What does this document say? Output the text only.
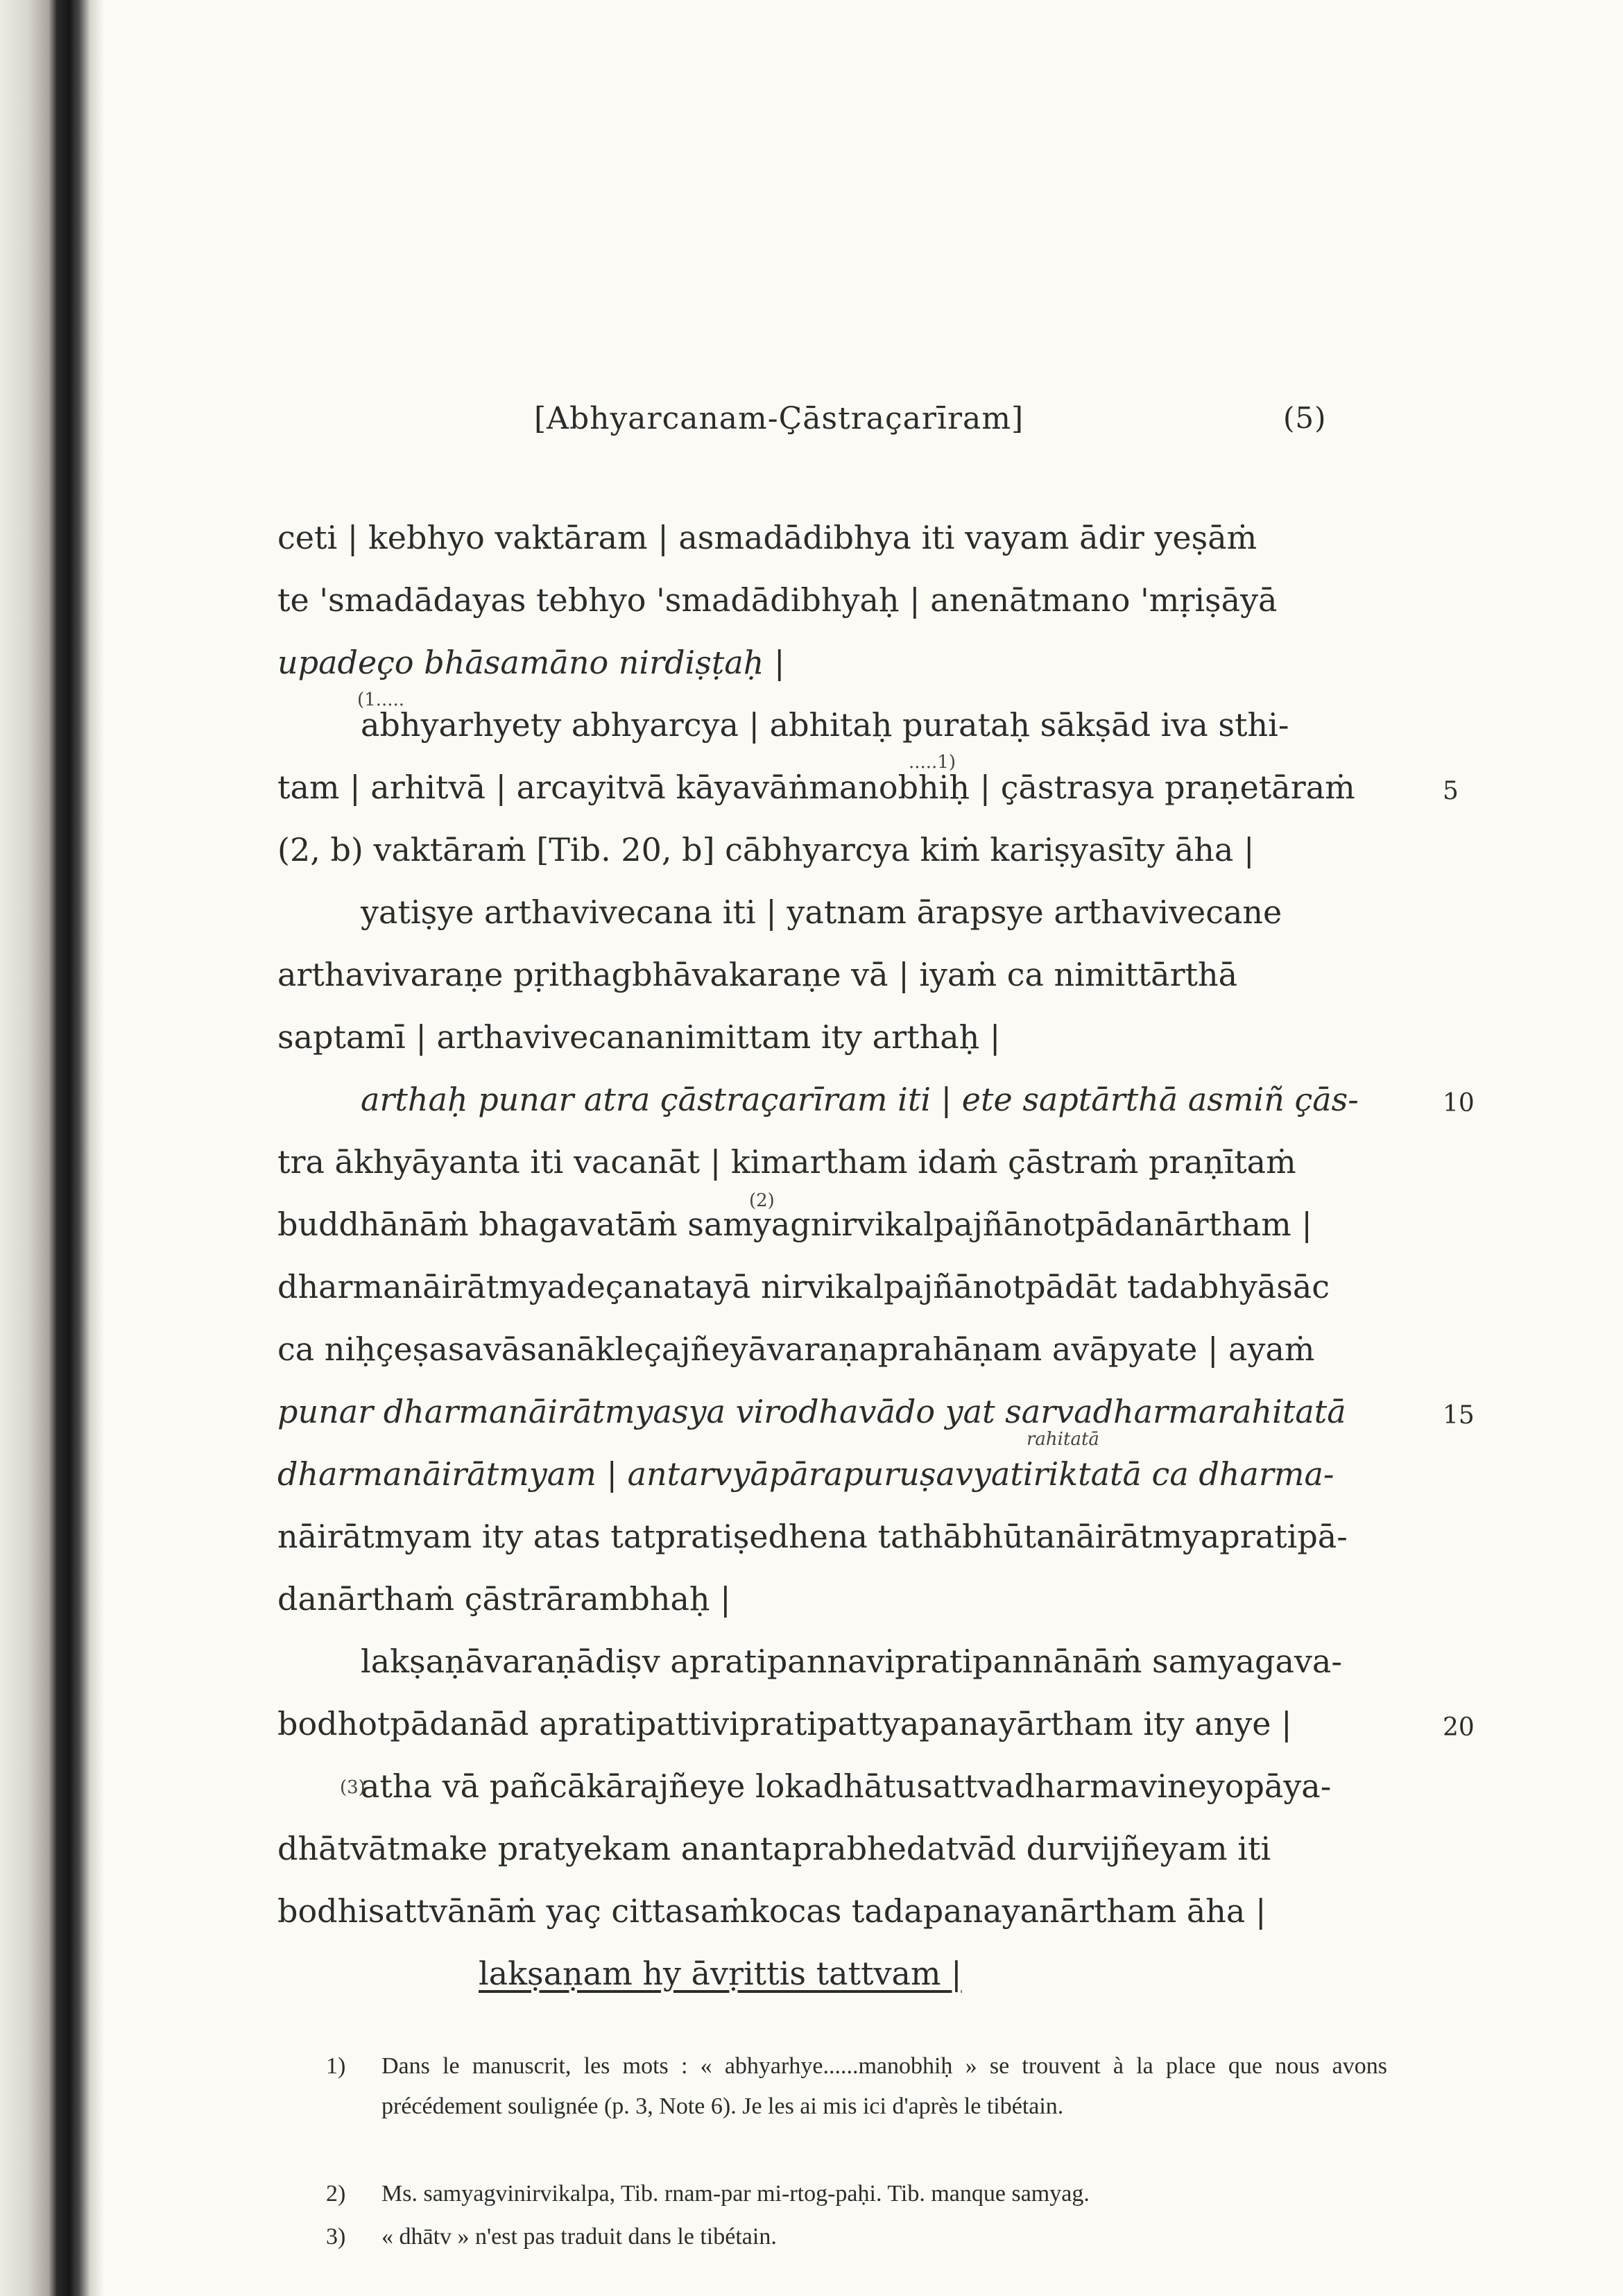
[Abhyarcanam-Çāstraçarīram]	(5)
ceti | kebhyo vaktāram | asmadādibhya iti vayam ādir yeṣāṁ
te 'smadādayas tebhyo 'smadādibhyaḥ | anenātmano 'mṛiṣāyā
upadeço bhāsamāno nirdiṣṭaḥ |
abhyarhyety abhyarcya | abhitaḥ purataḥ sākṣād iva sthi-
tam | arhitvā | arcayitvā kāyavāṅmanobhiḥ | çāstrasya praṇetāraṁ
(2, b) vaktāraṁ [Tib. 20, b] cābhyarcya kiṁ kariṣyasīty āha |
yatiṣye arthavivecana iti | yatnam ārapsye arthavivecane
arthavivaraṇe pṛithagbhāvakaraṇe vā | iyaṁ ca nimittārthā
saptamī | arthavivecananimittam ity arthaḥ |
arthaḥ punar atra çāstraçarīram iti | ete saptārthā asmiñ çās-
tra ākhyāyanta iti vacanāt | kimartham idaṁ çāstraṁ praṇītaṁ
buddhānāṁ bhagavatāṁ samyagnirvikalpajñānotpādanārtham |
dharmanāirātmyadeçanatayā nirvikalpajñānotpādāt tadabhyāsāc
ca niḥçeṣasavāsanākleçajñeyāvaraṇaprahāṇam avāpyate | ayaṁ
punar dharmanāirātmyasya virodhavādo yat sarvadharmarahitatā
dharmanāirātmyam | antarvyāpārapuruṣavyatiriktatā ca dharma-
nāirātmyam ity atas tatpratiṣedhena tathābhūtanāirātmyapratipā-
danārthaṁ çāstrārambhaḥ |
lakṣaṇāvaraṇādiṣv apratipannavipratipannānāṁ samyagava-
bodhotpādanād apratipattivipratipattyapanayārtham ity anye |
atha vā pañcākārajñeye lokadhātusattvadharmavineyopāya-
dhātvātmake pratyekam anantaprabhedatvād durvijñeyam iti
bodhisattvānāṁ yaç cittasaṁkocas tadapanayanārtham āha |
lakṣaṇam hy āvṛittis tattvam |
5
10
15
20
(1.....
.....1)
(2)
(3)
rahitatā
1) Dans le manuscrit, les mots : « abhyarhye......manobhiḥ » se trouvent à la place que nous avons précédement soulignée (p. 3, Note 6). Je les ai mis ici d'après le tibétain.
2) Ms. samyagvinirvikalpa, Tib. rnam-par mi-rtog-paḥi. Tib. manque samyag.
3) « dhātv » n'est pas traduit dans le tibétain.
